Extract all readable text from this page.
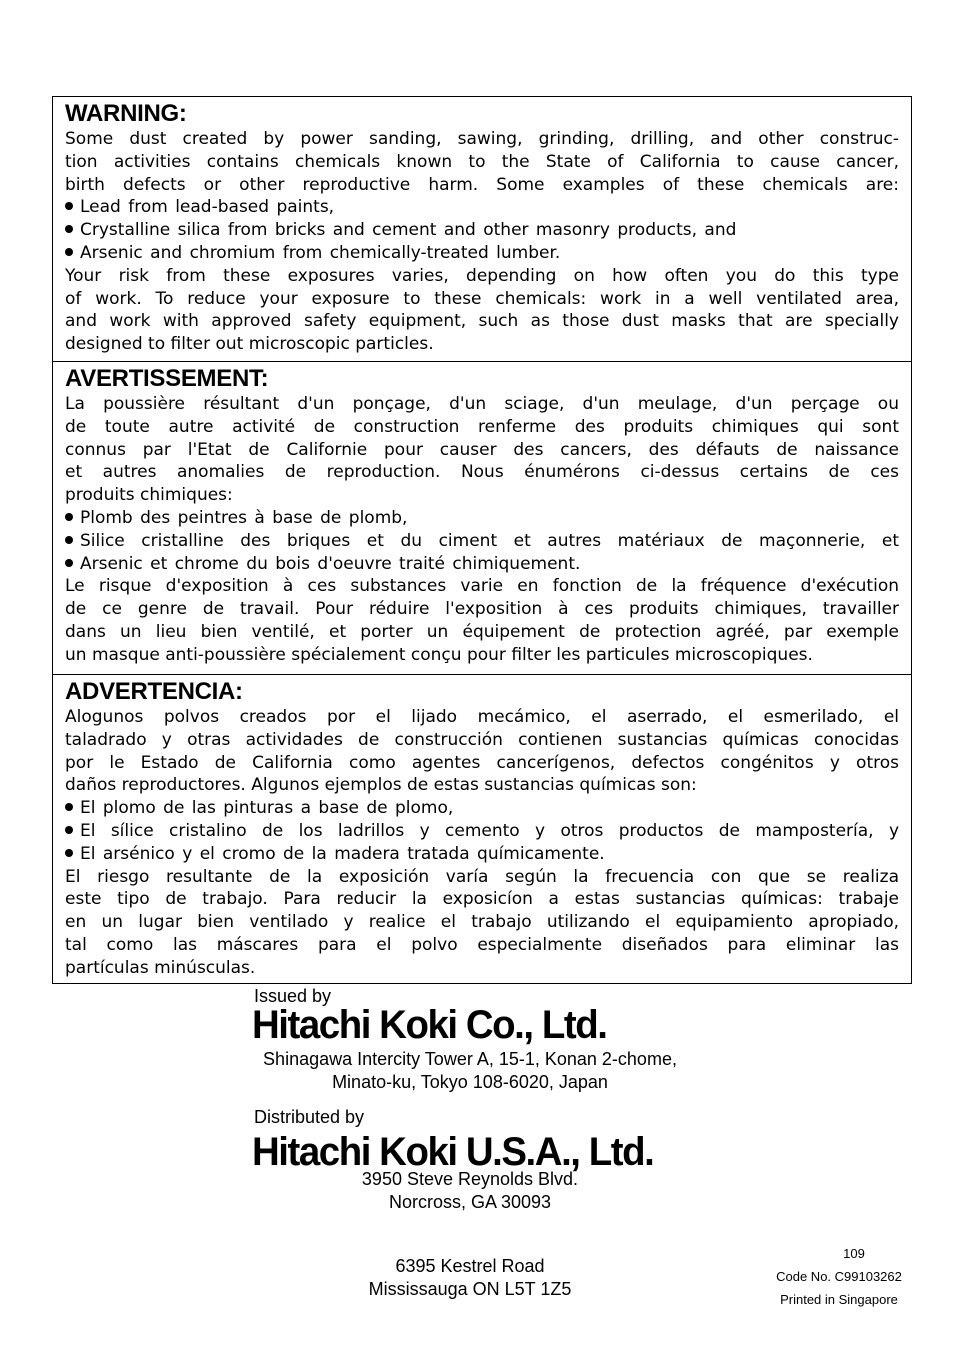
WARNING:

Some dust created by power sanding, sawing, grinding, drilling, and other construc-

tion activities contains chemicals known to the State of California to cause cancer,

birth defects or other reproductive harm. Some examples of these chemicals are:

Lead from lead-based paints,

Crystalline silica from bricks and cement and other masonry products, and

Arsenic and chromium from chemically-treated lumber.

Your risk from these exposures varies, depending on how often you do this type

of work. To reduce your exposure to these chemicals: work in a well ventilated area,

and work with approved safety equipment, such as those dust masks that are specially

designed to filter out microscopic particles.

AVERTISSEMENT:

La poussière résultant d'un ponçage, d'un sciage, d'un meulage, d'un perçage ou

de toute autre activité de construction renferme des produits chimiques qui sont

connus par l'Etat de Californie pour causer des cancers, des défauts de naissance

et autres anomalies de reproduction. Nous énumérons ci-dessus certains de ces

produits chimiques:

Plomb des peintres à base de plomb,

Silice cristalline des briques et du ciment et autres matériaux de maçonnerie, et

Arsenic et chrome du bois d'oeuvre traité chimiquement.

Le risque d'exposition à ces substances varie en fonction de la fréquence d'exécution

de ce genre de travail. Pour réduire l'exposition à ces produits chimiques, travailler

dans un lieu bien ventilé, et porter un équipement de protection agréé, par exemple

un masque anti-poussière spécialement conçu pour filter les particules microscopiques.

ADVERTENCIA:

Alogunos polvos creados por el lijado mecámico, el aserrado, el esmerilado, el

taladrado y otras actividades de construcción contienen sustancias químicas conocidas

por le Estado de California como agentes cancerígenos, defectos congénitos y otros

daños reproductores. Algunos ejemplos de estas sustancias químicas son:

El plomo de las pinturas a base de plomo,

El sílice cristalino de los ladrillos y cemento y otros productos de mampostería, y

El arsénico y el cromo de la madera tratada químicamente.

El riesgo resultante de la exposición varía según la frecuencia con que se realiza

este tipo de trabajo. Para reducir la exposicíon a estas sustancias químicas: trabaje

en un lugar bien ventilado y realice el trabajo utilizando el equipamiento apropiado,

tal como las máscares para el polvo especialmente diseñados para eliminar las

partículas minúsculas.

Issued by
Hitachi Koki Co., Ltd.
Shinagawa Intercity Tower A, 15-1, Konan 2-chome,
Minato-ku, Tokyo 108-6020, Japan
Distributed by
Hitachi Koki U.S.A., Ltd.
3950 Steve Reynolds Blvd.
Norcross, GA 30093
6395 Kestrel Road
Mississauga ON L5T 1Z5
109
Code No. C99103262
Printed in Singapore
